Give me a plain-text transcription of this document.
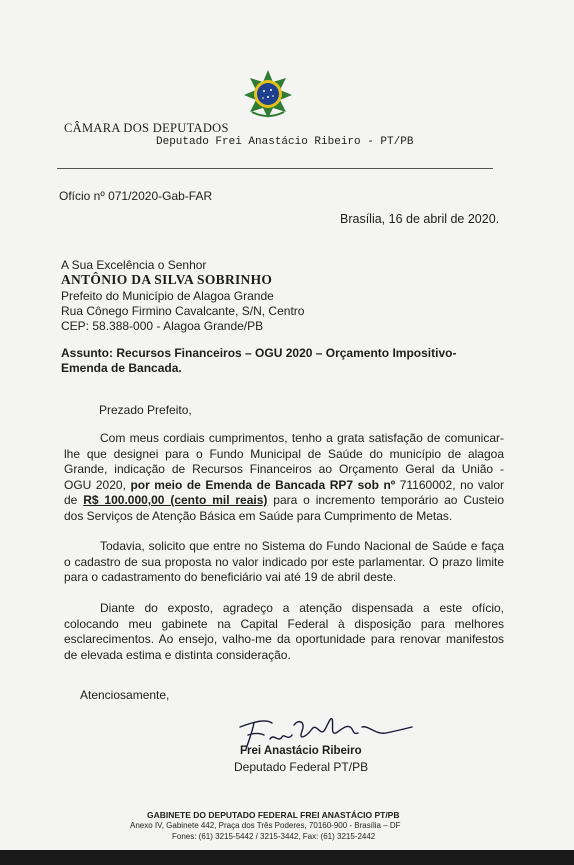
CÂMARA DOS DEPUTADOS
Deputado Frei Anastácio Ribeiro - PT/PB
Ofício nº 071/2020-Gab-FAR
Brasília, 16 de abril de 2020.
A Sua Excelência o Senhor
ANTÔNIO DA SILVA SOBRINHO
Prefeito do Município de Alagoa Grande
Rua Cônego Firmino Cavalcante, S/N, Centro
CEP: 58.388-000 - Alagoa Grande/PB
Assunto: Recursos Financeiros – OGU 2020 – Orçamento Impositivo-
Emenda de Bancada.
Prezado Prefeito,
Com meus cordiais cumprimentos, tenho a grata satisfação de comunicar-
lhe que designei para o Fundo Municipal de Saúde do município de alagoa
Grande, indicação de Recursos Financeiros ao Orçamento Geral da União -
OGU 2020, por meio de Emenda de Bancada RP7 sob nº 71160002, no valor
de R$ 100.000,00 (cento mil reais) para o incremento temporário ao Custeio
dos Serviços de Atenção Básica em Saúde para Cumprimento de Metas.
Todavia, solicito que entre no Sistema do Fundo Nacional de Saúde e faça
o cadastro de sua proposta no valor indicado por este parlamentar. O prazo limite
para o cadastramento do beneficiário vai até 19 de abril deste.
Diante do exposto, agradeço a atenção dispensada a este ofício,
colocando meu gabinete na Capital Federal à disposição para melhores
esclarecimentos. Ao ensejo, valho-me da oportunidade para renovar manifestos
de elevada estima e distinta consideração.
Atenciosamente,
Frei Anastácio Ribeiro
Deputado Federal PT/PB
GABINETE DO DEPUTADO FEDERAL FREI ANASTÁCIO PT/PB
Anexo IV, Gabinete 442, Praça dos Três Poderes, 70160-900 - Brasília – DF
Fones: (61) 3215-5442 / 3215-3442, Fax: (61) 3215-2442
